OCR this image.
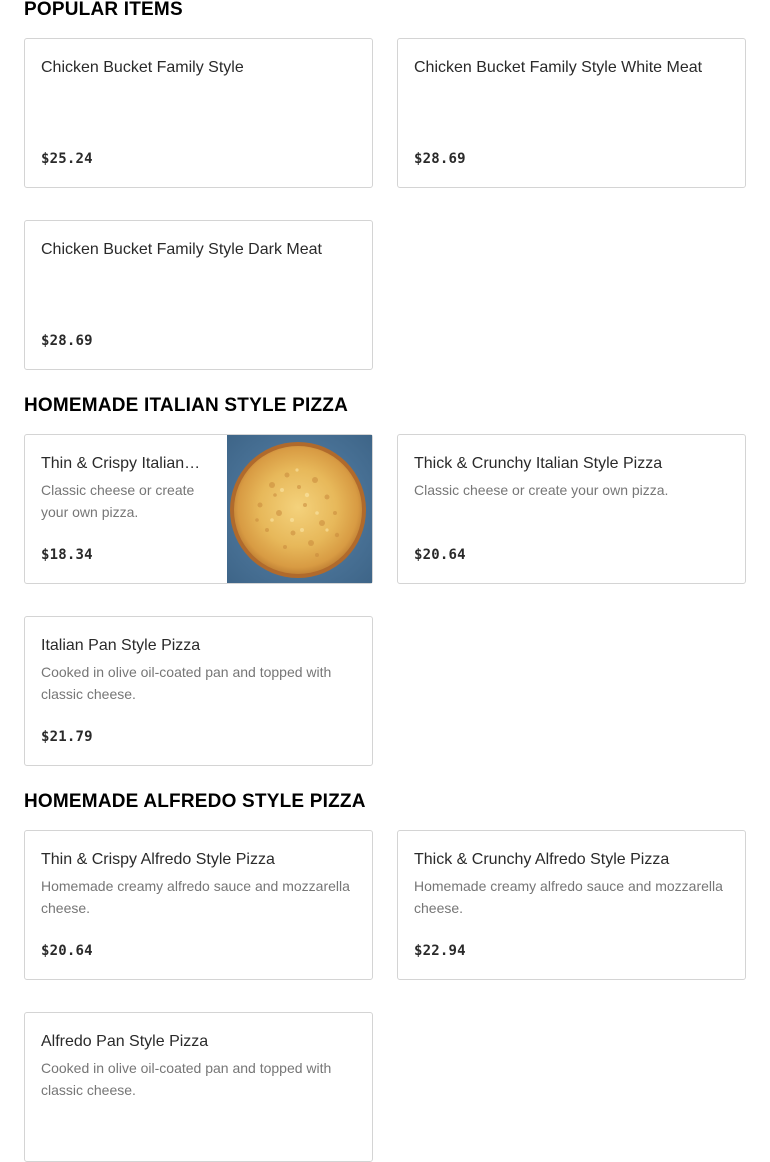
POPULAR ITEMS
Chicken Bucket Family Style
$25.24
Chicken Bucket Family Style White Meat
$28.69
Chicken Bucket Family Style Dark Meat
$28.69
HOMEMADE ITALIAN STYLE PIZZA
Thin & Crispy Italian…
Classic cheese or create your own pizza.
$18.34
Thick & Crunchy Italian Style Pizza
Classic cheese or create your own pizza.
$20.64
Italian Pan Style Pizza
Cooked in olive oil-coated pan and topped with classic cheese.
$21.79
HOMEMADE ALFREDO STYLE PIZZA
Thin & Crispy Alfredo Style Pizza
Homemade creamy alfredo sauce and mozzarella cheese.
$20.64
Thick & Crunchy Alfredo Style Pizza
Homemade creamy alfredo sauce and mozzarella cheese.
$22.94
Alfredo Pan Style Pizza
Cooked in olive oil-coated pan and topped with classic cheese.
